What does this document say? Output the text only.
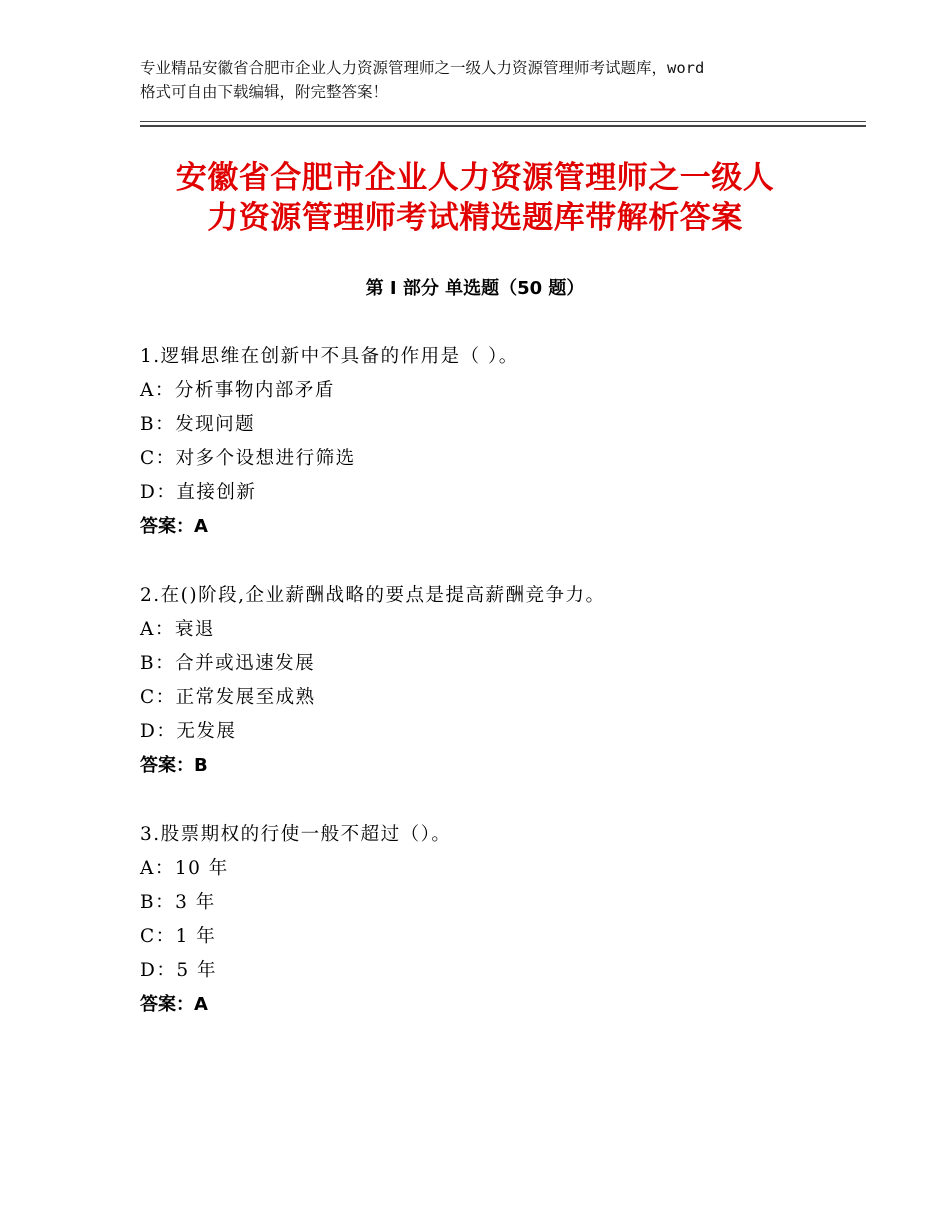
专业精品安徽省合肥市企业人力资源管理师之一级人力资源管理师考试题库，word
格式可自由下载编辑，附完整答案！
安徽省合肥市企业人力资源管理师之一级人
力资源管理师考试精选题库带解析答案
第 I 部分 单选题（50 题）
1.逻辑思维在创新中不具备的作用是（ ）。
A：分析事物内部矛盾
B：发现问题
C：对多个设想进行筛选
D：直接创新
答案：A
2.在()阶段,企业薪酬战略的要点是提高薪酬竞争力。
A：衰退
B：合并或迅速发展
C：正常发展至成熟
D：无发展
答案：B
3.股票期权的行使一般不超过（）。
A：10 年
B：3 年
C：1 年
D：5 年
答案：A
